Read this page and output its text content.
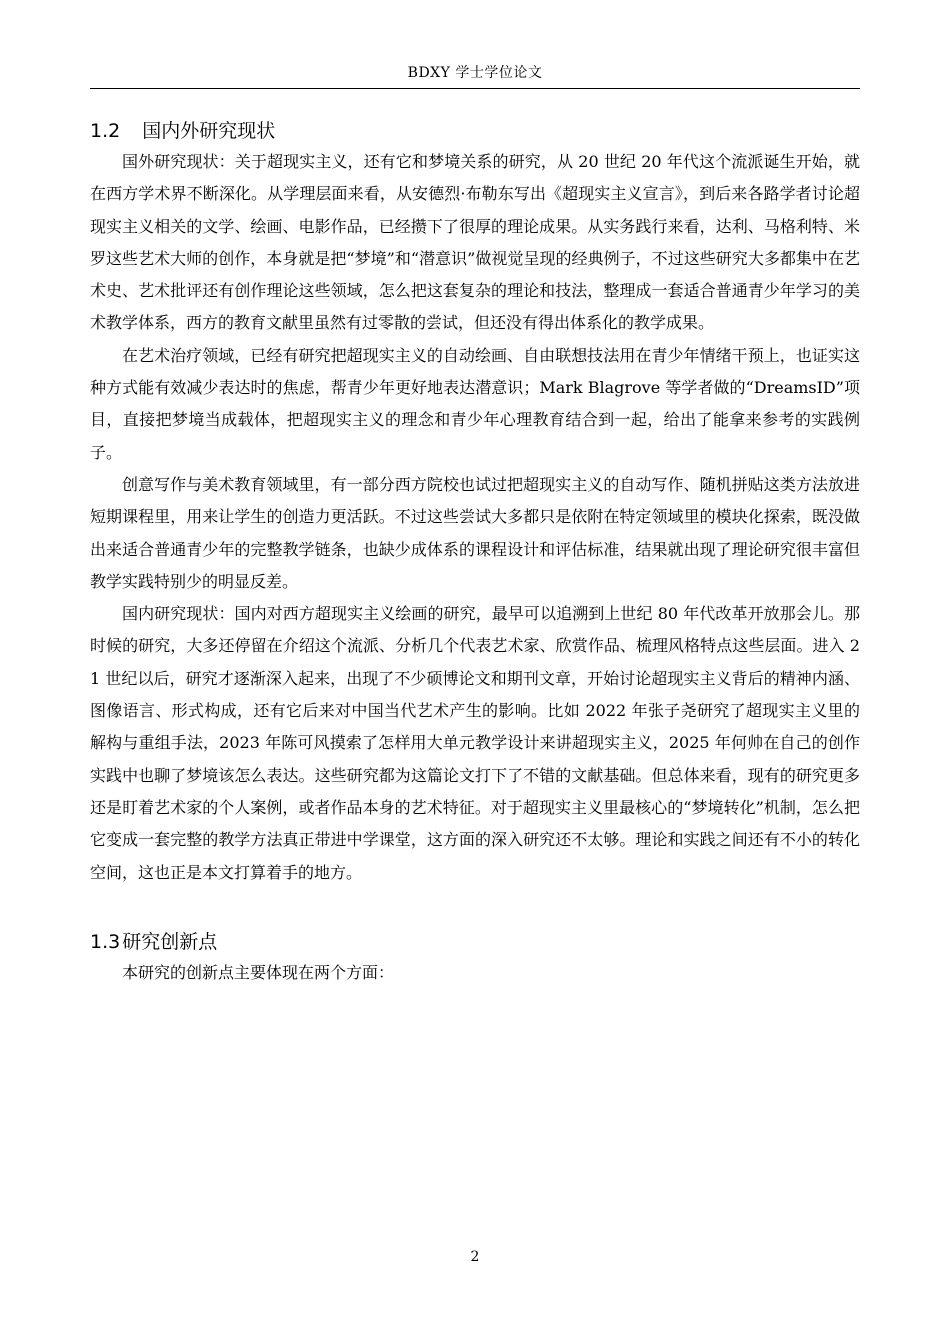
BDXY 学士学位论文
1.2 国内外研究现状

国外研究现状：关于超现实主义，还有它和梦境关系的研究，从 20 世纪 20 年代这个流派诞生开始，就在西方学术界不断深化。从学理层面来看，从安德烈·布勒东写出《超现实主义宣言》，到后来各路学者讨论超现实主义相关的文学、绘画、电影作品，已经攒下了很厚的理论成果。从实务践行来看，达利、马格利特、米罗这些艺术大师的创作，本身就是把“梦境”和“潜意识”做视觉呈现的经典例子，不过这些研究大多都集中在艺术史、艺术批评还有创作理论这些领域，怎么把这套复杂的理论和技法，整理成一套适合普通青少年学习的美术教学体系，西方的教育文献里虽然有过零散的尝试，但还没有得出体系化的教学成果。

在艺术治疗领域，已经有研究把超现实主义的自动绘画、自由联想技法用在青少年情绪干预上，也证实这种方式能有效减少表达时的焦虑，帮青少年更好地表达潜意识；Mark Blagrove 等学者做的“DreamsID”项目，直接把梦境当成载体，把超现实主义的理念和青少年心理教育结合到一起，给出了能拿来参考的实践例子。

创意写作与美术教育领域里，有一部分西方院校也试过把超现实主义的自动写作、随机拼贴这类方法放进短期课程里，用来让学生的创造力更活跃。不过这些尝试大多都只是依附在特定领域里的模块化探索，既没做出来适合普通青少年的完整教学链条，也缺少成体系的课程设计和评估标准，结果就出现了理论研究很丰富但教学实践特别少的明显反差。

国内研究现状：国内对西方超现实主义绘画的研究，最早可以追溯到上世纪 80 年代改革开放那会儿。那时候的研究，大多还停留在介绍这个流派、分析几个代表艺术家、欣赏作品、梳理风格特点这些层面。进入 21 世纪以后，研究才逐渐深入起来，出现了不少硕博论文和期刊文章，开始讨论超现实主义背后的精神内涵、图像语言、形式构成，还有它后来对中国当代艺术产生的影响。比如 2022 年张子尧研究了超现实主义里的解构与重组手法，2023 年陈可风摸索了怎样用大单元教学设计来讲超现实主义，2025 年何帅在自己的创作实践中也聊了梦境该怎么表达。这些研究都为这篇论文打下了不错的文献基础。但总体来看，现有的研究更多还是盯着艺术家的个人案例，或者作品本身的艺术特征。对于超现实主义里最核心的“梦境转化”机制，怎么把它变成一套完整的教学方法真正带进中学课堂，这方面的深入研究还不太够。理论和实践之间还有不小的转化空间，这也正是本文打算着手的地方。

1.3 研究创新点

本研究的创新点主要体现在两个方面：

2
